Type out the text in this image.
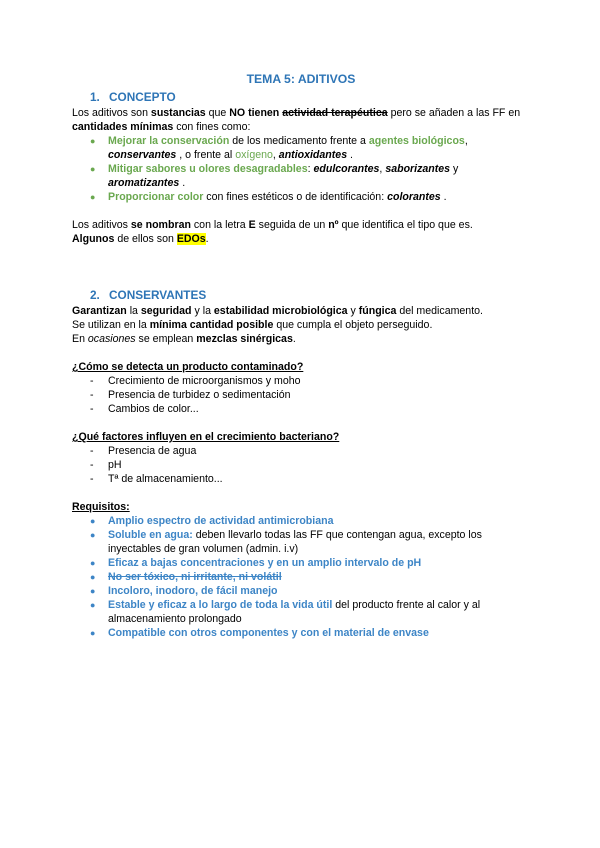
TEMA 5: ADITIVOS

1. CONCEPTO

Los aditivos son sustancias que NO tienen actividad terapéutica pero se añaden a las FF en cantidades mínimas con fines como:

● Mejorar la conservación de los medicamento frente a agentes biológicos, conservantes , o frente al oxígeno, antioxidantes .
● Mitigar sabores u olores desagradables: edulcorantes, saborizantes y aromatizantes .
● Proporcionar color con fines estéticos o de identificación: colorantes .

Los aditivos se nombran con la letra E seguida de un nº que identifica el tipo que es.

Algunos de ellos son EDOs.

2. CONSERVANTES

Garantizan la seguridad y la estabilidad microbiológica y fúngica del medicamento.

Se utilizan en la mínima cantidad posible que cumpla el objeto perseguido.

En ocasiones se emplean mezclas sinérgicas.

¿Cómo se detecta un producto contaminado?

- Crecimiento de microorganismos y moho
- Presencia de turbidez o sedimentación
- Cambios de color...

¿Qué factores influyen en el crecimiento bacteriano?

- Presencia de agua
- pH
- Tª de almacenamiento...

Requisitos:

● Amplio espectro de actividad antimicrobiana
● Soluble en agua: deben llevarlo todas las FF que contengan agua, excepto los inyectables de gran volumen (admin. i.v)
● Eficaz a bajas concentraciones y en un amplio intervalo de pH
● No ser tóxico, ni irritante, ni volátil
● Incoloro, inodoro, de fácil manejo
● Estable y eficaz a lo largo de toda la vida útil del producto frente al calor y al almacenamiento prolongado
● Compatible con otros componentes y con el material de envase
